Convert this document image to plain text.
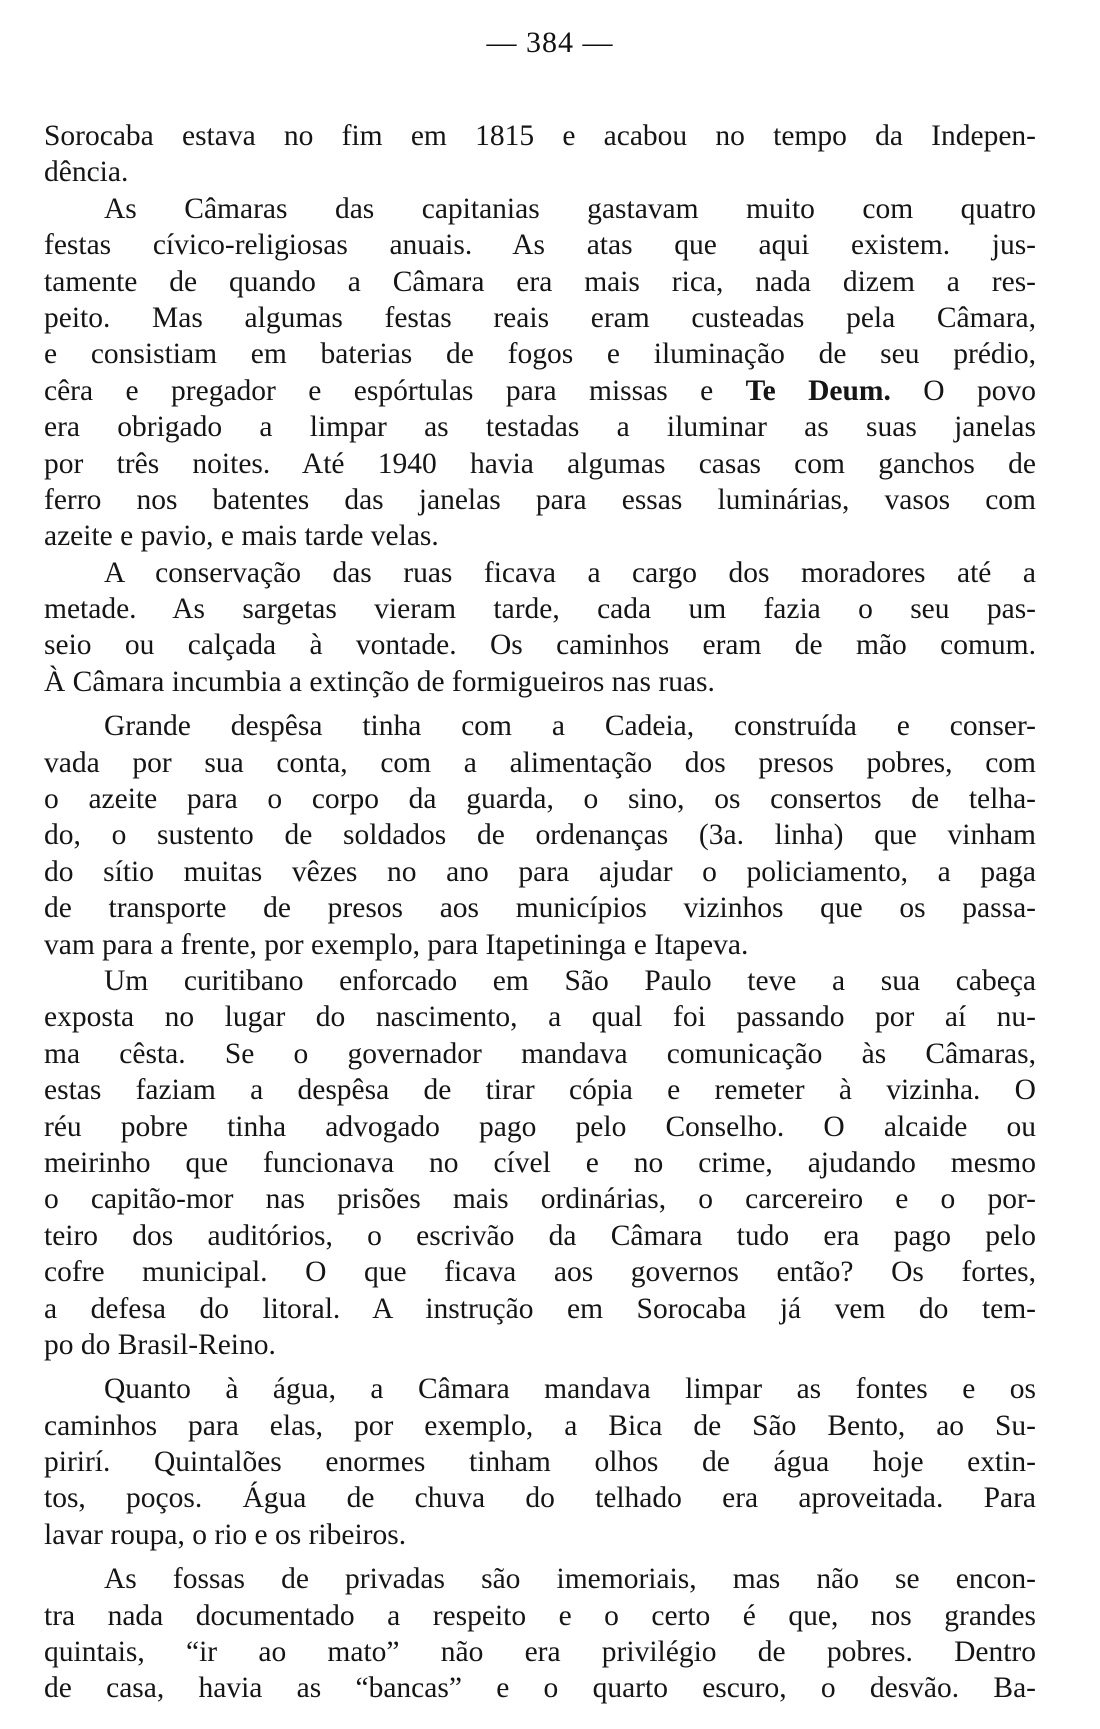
— 384 —
Sorocaba estava no fim em 1815 e acabou no tempo da Indepen-
dência.
As Câmaras das capitanias gastavam muito com quatro
festas cívico-religiosas anuais. As atas que aqui existem. jus-
tamente de quando a Câmara era mais rica, nada dizem a res-
peito. Mas algumas festas reais eram custeadas pela Câmara,
e consistiam em baterias de fogos e iluminação de seu prédio,
cêra e pregador e espórtulas para missas e Te Deum. O povo
era obrigado a limpar as testadas a iluminar as suas janelas
por três noites. Até 1940 havia algumas casas com ganchos de
ferro nos batentes das janelas para essas luminárias, vasos com
azeite e pavio, e mais tarde velas.
A conservação das ruas ficava a cargo dos moradores até a
metade. As sargetas vieram tarde, cada um fazia o seu pas-
seio ou calçada à vontade. Os caminhos eram de mão comum.
À Câmara incumbia a extinção de formigueiros nas ruas.
Grande despêsa tinha com a Cadeia, construída e conser-
vada por sua conta, com a alimentação dos presos pobres, com
o azeite para o corpo da guarda, o sino, os consertos de telha-
do, o sustento de soldados de ordenanças (3a. linha) que vinham
do sítio muitas vêzes no ano para ajudar o policiamento, a paga
de transporte de presos aos municípios vizinhos que os passa-
vam para a frente, por exemplo, para Itapetininga e Itapeva.
Um curitibano enforcado em São Paulo teve a sua cabeça
exposta no lugar do nascimento, a qual foi passando por aí nu-
ma cêsta. Se o governador mandava comunicação às Câmaras,
estas faziam a despêsa de tirar cópia e remeter à vizinha. O
réu pobre tinha advogado pago pelo Conselho. O alcaide ou
meirinho que funcionava no cível e no crime, ajudando mesmo
o capitão-mor nas prisões mais ordinárias, o carcereiro e o por-
teiro dos auditórios, o escrivão da Câmara tudo era pago pelo
cofre municipal. O que ficava aos governos então? Os fortes,
a defesa do litoral. A instrução em Sorocaba já vem do tem-
po do Brasil-Reino.
Quanto à água, a Câmara mandava limpar as fontes e os
caminhos para elas, por exemplo, a Bica de São Bento, ao Su-
pirirí. Quintalões enormes tinham olhos de água hoje extin-
tos, poços. Água de chuva do telhado era aproveitada. Para
lavar roupa, o rio e os ribeiros.
As fossas de privadas são imemoriais, mas não se encon-
tra nada documentado a respeito e o certo é que, nos grandes
quintais, “ir ao mato” não era privilégio de pobres. Dentro
de casa, havia as “bancas” e o quarto escuro, o desvão. Ba-
